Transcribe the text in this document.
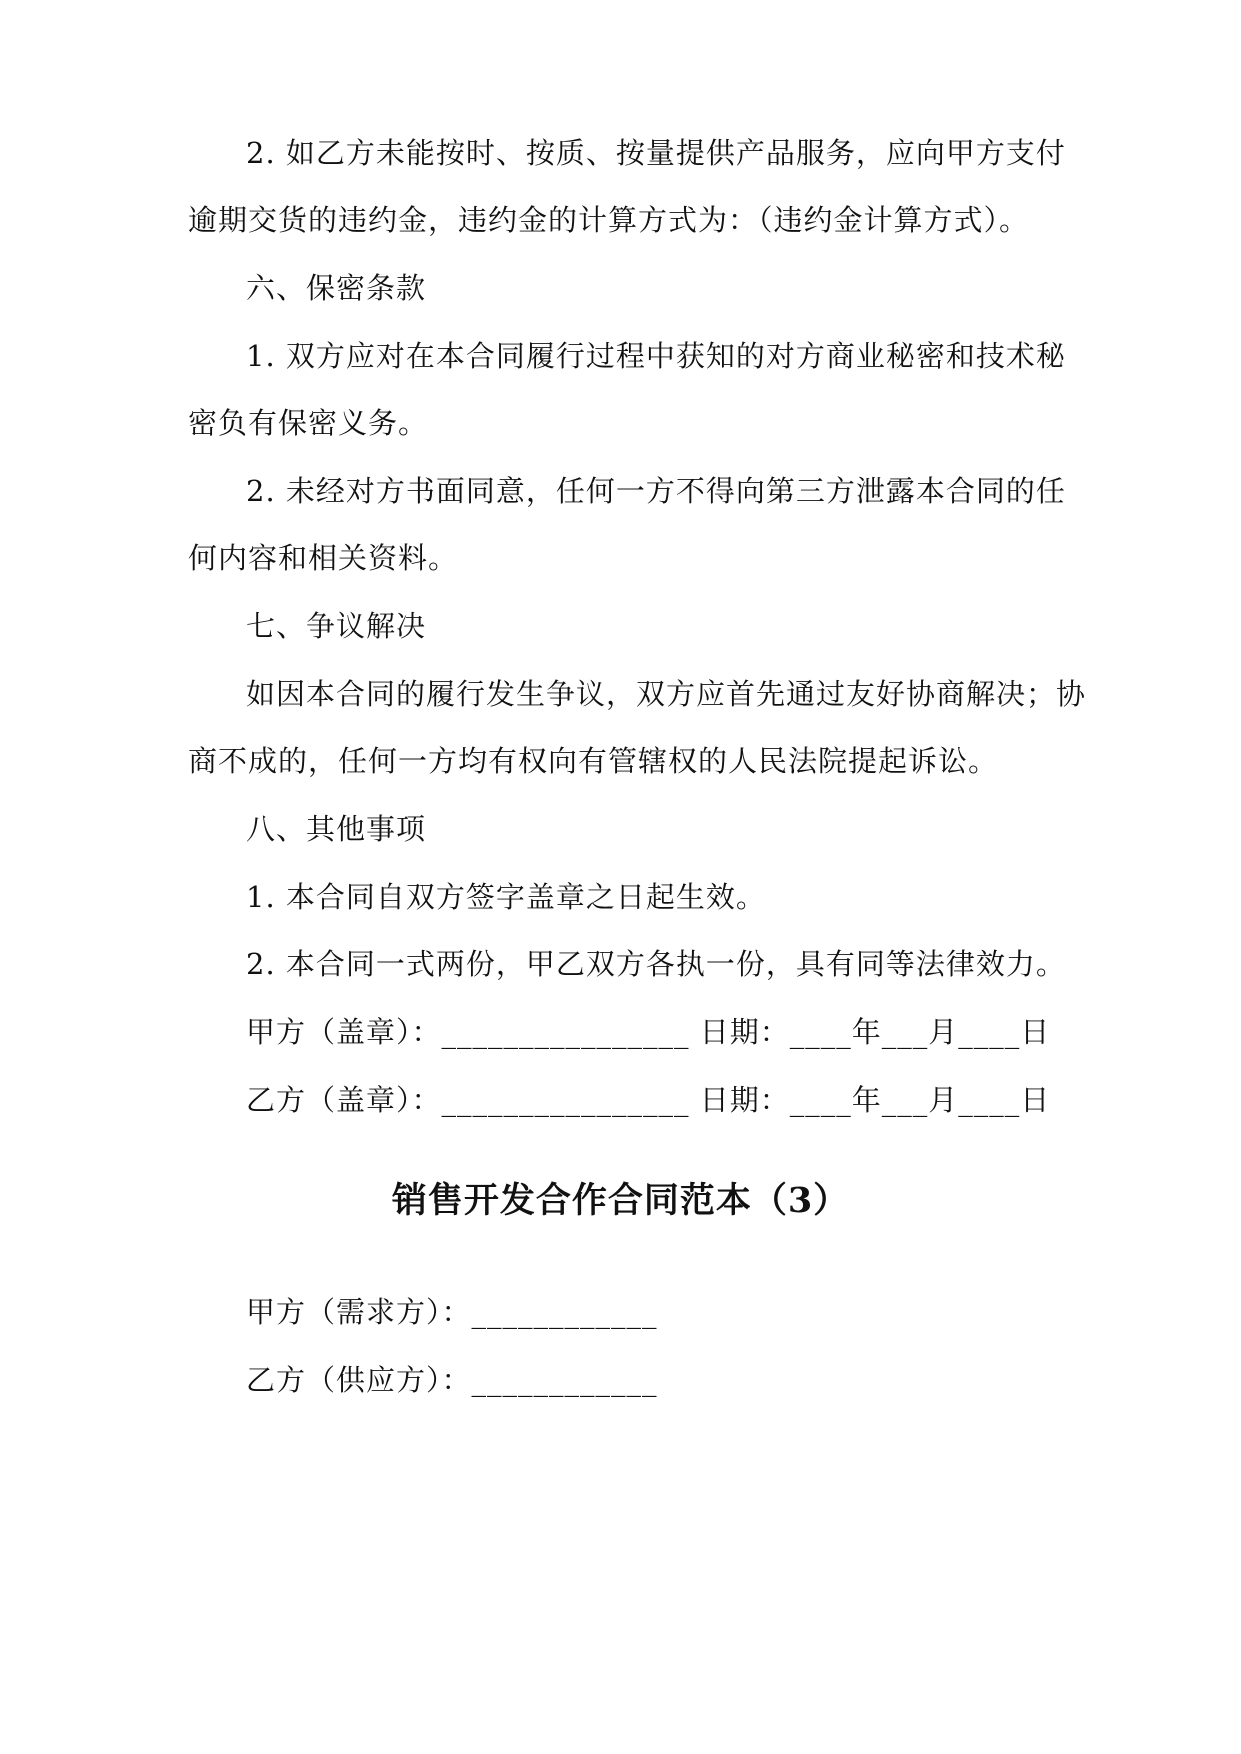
2. 如乙方未能按时、按质、按量提供产品服务，应向甲方支付
逾期交货的违约金，违约金的计算方式为：（违约金计算方式）。
六、保密条款
1. 双方应对在本合同履行过程中获知的对方商业秘密和技术秘
密负有保密义务。
2. 未经对方书面同意，任何一方不得向第三方泄露本合同的任
何内容和相关资料。
七、争议解决
如因本合同的履行发生争议，双方应首先通过友好协商解决；协
商不成的，任何一方均有权向有管辖权的人民法院提起诉讼。
八、其他事项
1. 本合同自双方签字盖章之日起生效。
2. 本合同一式两份，甲乙双方各执一份，具有同等法律效力。
甲方（盖章）：________________ 日期：____年___月____日
乙方（盖章）：________________ 日期：____年___月____日
销售开发合作合同范本（3）
甲方（需求方）：____________
乙方（供应方）：____________
